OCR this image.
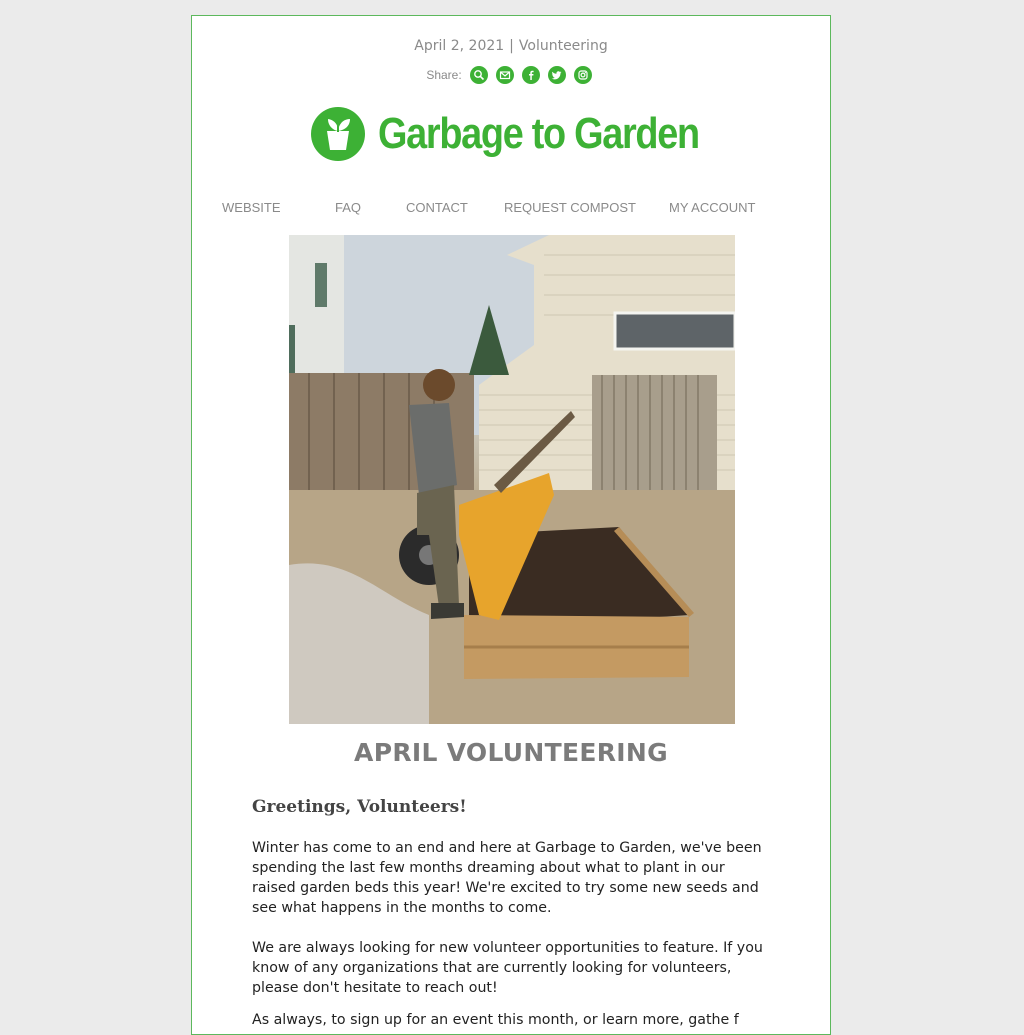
April 2, 2021 | Volunteering
Share:
Garbage to Garden
WEBSITE	FAQ	CONTACT	REQUEST COMPOST	MY ACCOUNT
APRIL VOLUNTEERING
Greetings, Volunteers!

Winter has come to an end and here at Garbage to Garden, we've been spending the last few months dreaming about what to plant in our raised garden beds this year! We're excited to try some new seeds and see what happens in the months to come.

We are always looking for new volunteer opportunities to feature. If you know of any organizations that are currently looking for volunteers, please don't hesitate to reach out!

As always, to sign up for an event this month, or learn more, gathe f
